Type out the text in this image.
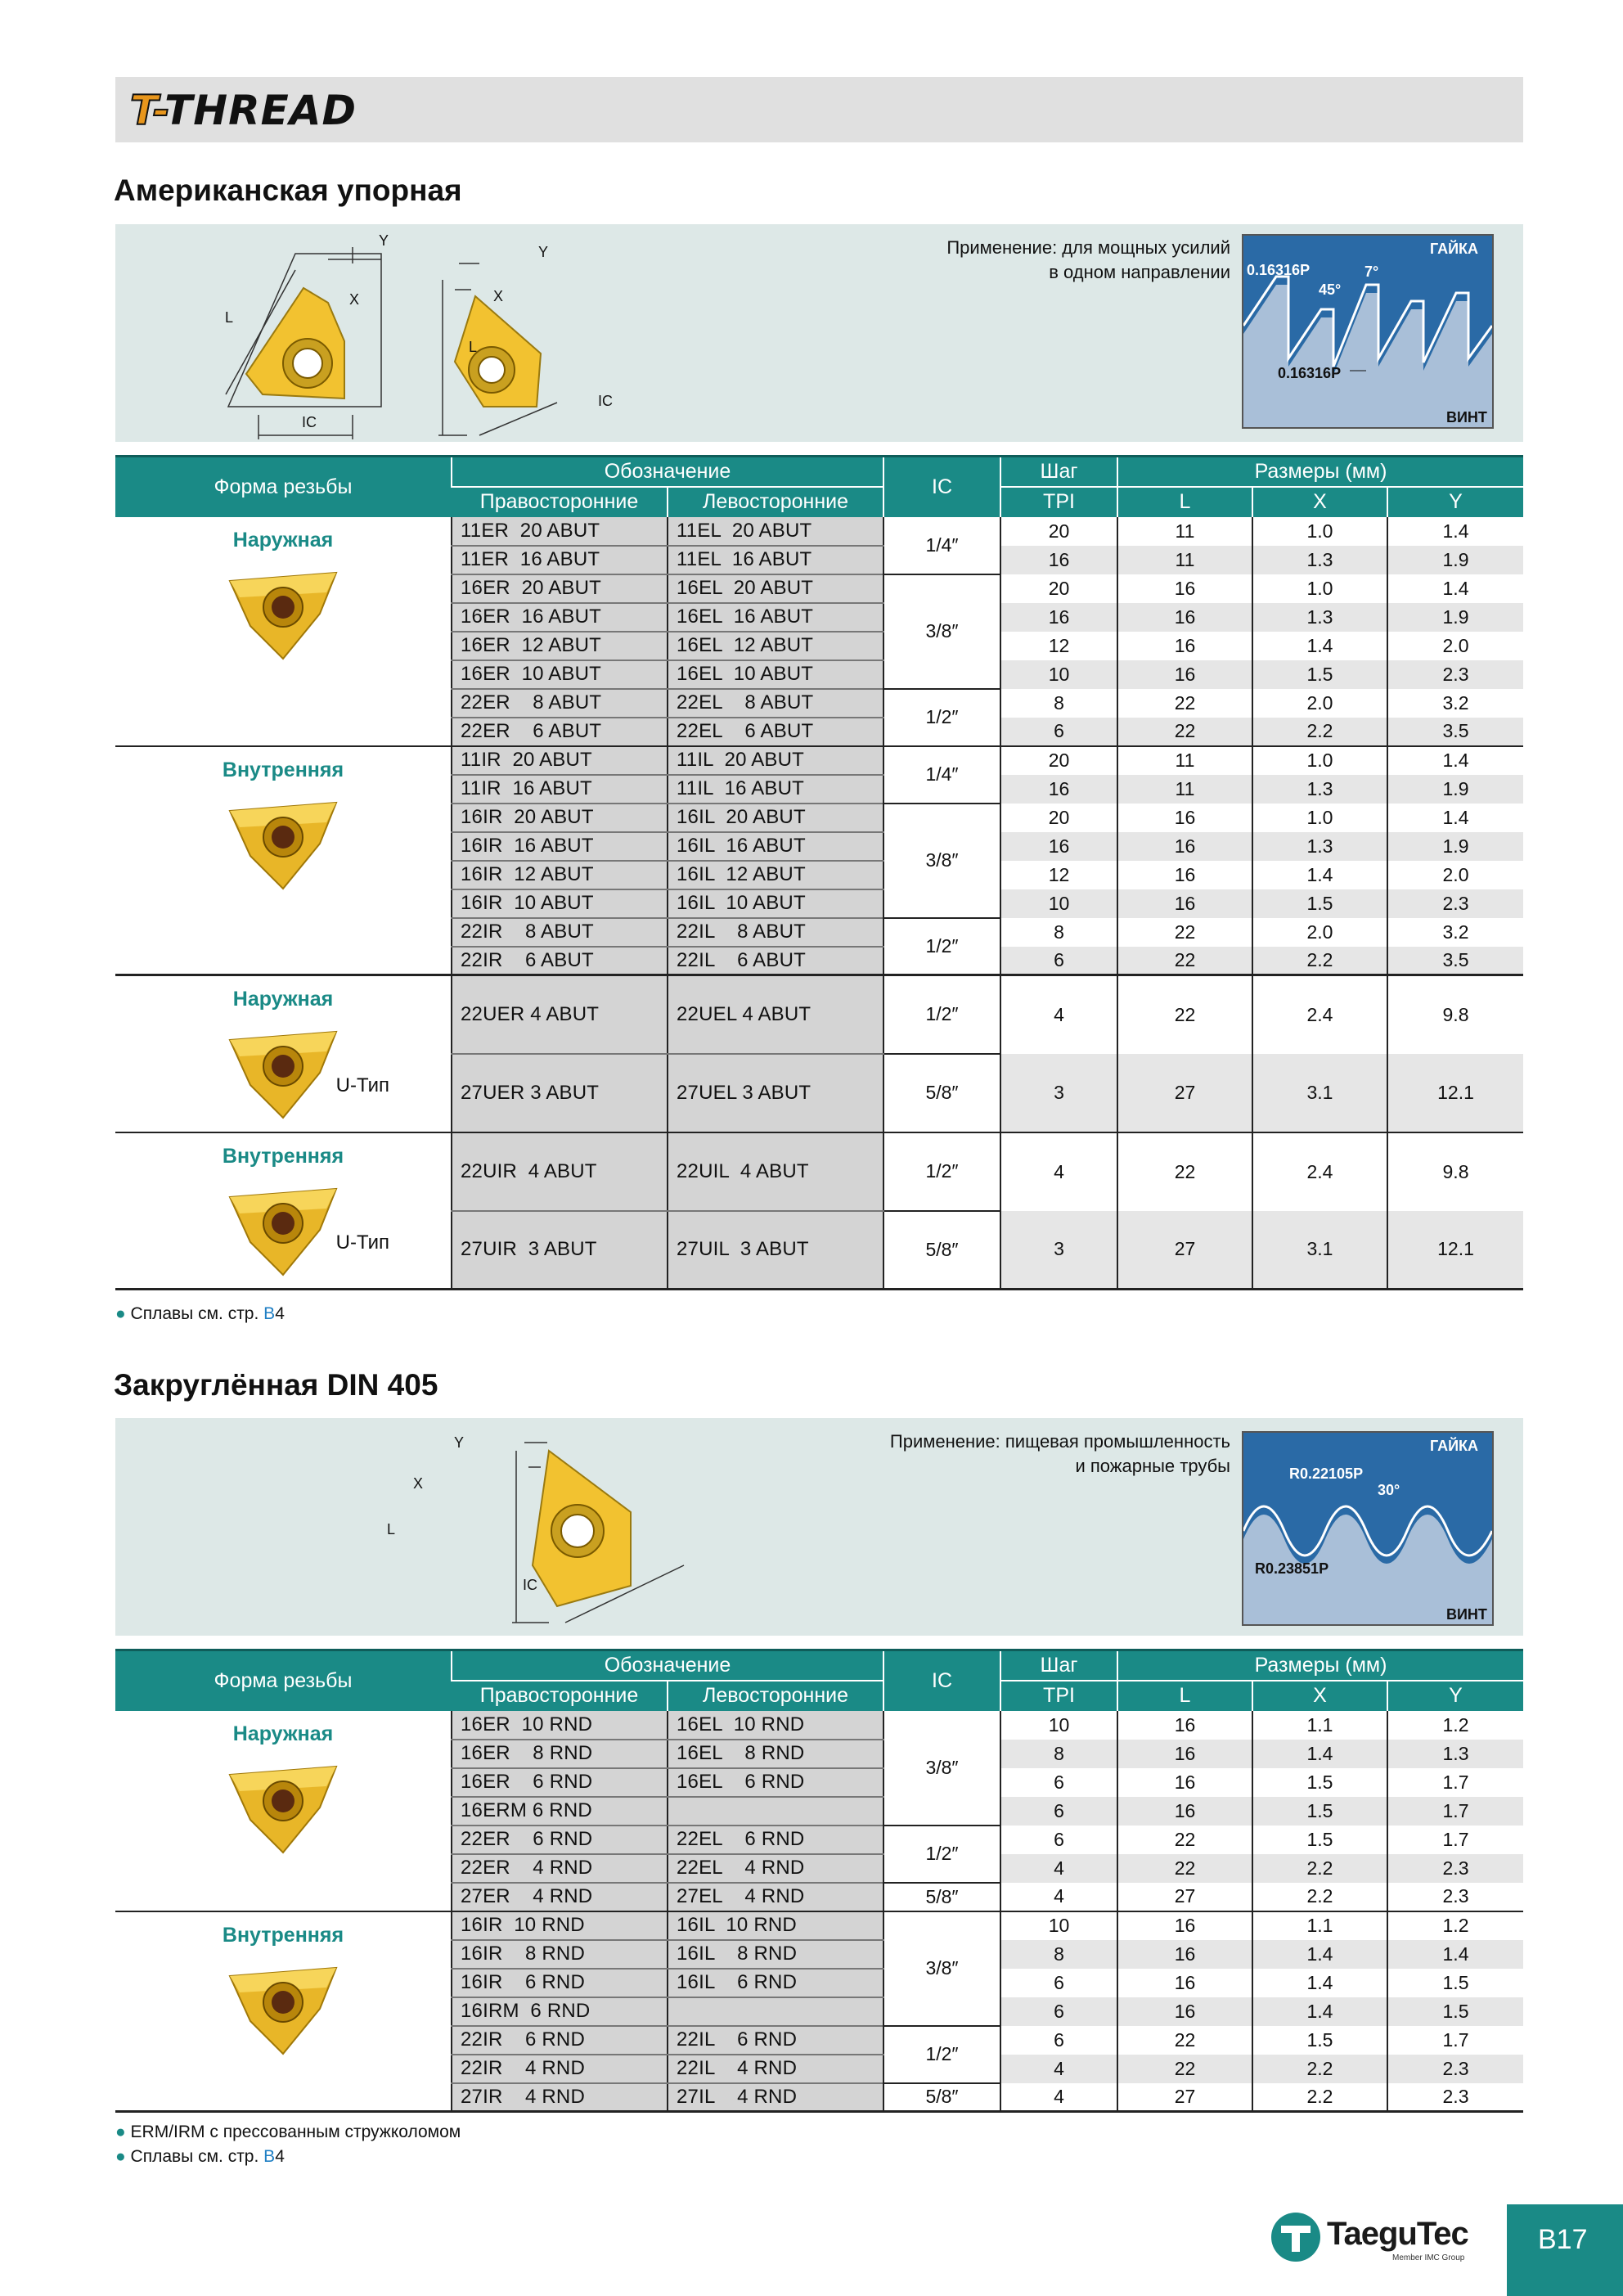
T-THREAD
Американская упорная
Y
X
L
IC
Y
X
L
IC
Применение: для мощных усилий
в одном направлении
ГАЙКА
0.16316P
45°
7°
0.16316P
ВИНТ
Форма резьбы	Обозначение		IC	Шаг	Размеры (мм)		
	Правосторонние	Левосторонние		TPI	L	X	Y

Наружная	11ER  20 ABUT	11EL  20 ABUT	1/4″	20	11	1.0	1.4
	11ER  16 ABUT	11EL  16 ABUT		16	11	1.3	1.9
	16ER  20 ABUT	16EL  20 ABUT	3/8″	20	16	1.0	1.4
	16ER  16 ABUT	16EL  16 ABUT		16	16	1.3	1.9
	16ER  12 ABUT	16EL  12 ABUT		12	16	1.4	2.0
	16ER  10 ABUT	16EL  10 ABUT		10	16	1.5	2.3
	22ER    8 ABUT	22EL    8 ABUT	1/2″	8	22	2.0	3.2
	22ER    6 ABUT	22EL    6 ABUT		6	22	2.2	3.5

Внутренняя	11IR  20 ABUT	11IL  20 ABUT	1/4″	20	11	1.0	1.4
	11IR  16 ABUT	11IL  16 ABUT		16	11	1.3	1.9
	16IR  20 ABUT	16IL  20 ABUT	3/8″	20	16	1.0	1.4
	16IR  16 ABUT	16IL  16 ABUT		16	16	1.3	1.9
	16IR  12 ABUT	16IL  12 ABUT		12	16	1.4	2.0
	16IR  10 ABUT	16IL  10 ABUT		10	16	1.5	2.3
	22IR    8 ABUT	22IL    8 ABUT	1/2″	8	22	2.0	3.2
	22IR    6 ABUT	22IL    6 ABUT		6	22	2.2	3.5

Наружная
U-Тип	22UER 4 ABUT	22UEL 4 ABUT	1/2″	4	22	2.4	9.8
	27UER 3 ABUT	27UEL 3 ABUT	5/8″	3	27	3.1	12.1

Внутренняя
U-Тип	22UIR  4 ABUT	22UIL  4 ABUT	1/2″	4	22	2.4	9.8
	27UIR  3 ABUT	27UIL  3 ABUT	5/8″	3	27	3.1	12.1
● Сплавы см. стр. B4
Закруглённая DIN 405
Y
X
L
IC
Применение: пищевая промышленность
и пожарные трубы
ГАЙКА
R0.22105P
30°
R0.23851P
ВИНТ
Форма резьбы	Обозначение		IC	Шаг	Размеры (мм)		
	Правосторонние	Левосторонние		TPI	L	X	Y

Наружная	16ER  10 RND	16EL  10 RND	3/8″	10	16	1.1	1.2
	16ER    8 RND	16EL    8 RND		8	16	1.4	1.3
	16ER    6 RND	16EL    6 RND		6	16	1.5	1.7
	16ERM 6 RND			6	16	1.5	1.7
	22ER    6 RND	22EL    6 RND	1/2″	6	22	1.5	1.7
	22ER    4 RND	22EL    4 RND		4	22	2.2	2.3
	27ER    4 RND	27EL    4 RND	5/8″	4	27	2.2	2.3

Внутренняя	16IR  10 RND	16IL  10 RND	3/8″	10	16	1.1	1.2
	16IR    8 RND	16IL    8 RND		8	16	1.4	1.4
	16IR    6 RND	16IL    6 RND		6	16	1.4	1.5
	16IRM  6 RND			6	16	1.4	1.5
	22IR    6 RND	22IL    6 RND	1/2″	6	22	1.5	1.7
	22IR    4 RND	22IL    4 RND		4	22	2.2	2.3
	27IR    4 RND	27IL    4 RND	5/8″	4	27	2.2	2.3
● ERM/IRM с прессованным стружколомом
● Сплавы см. стр. B4
TaeguTec
Member IMC Group
B17
